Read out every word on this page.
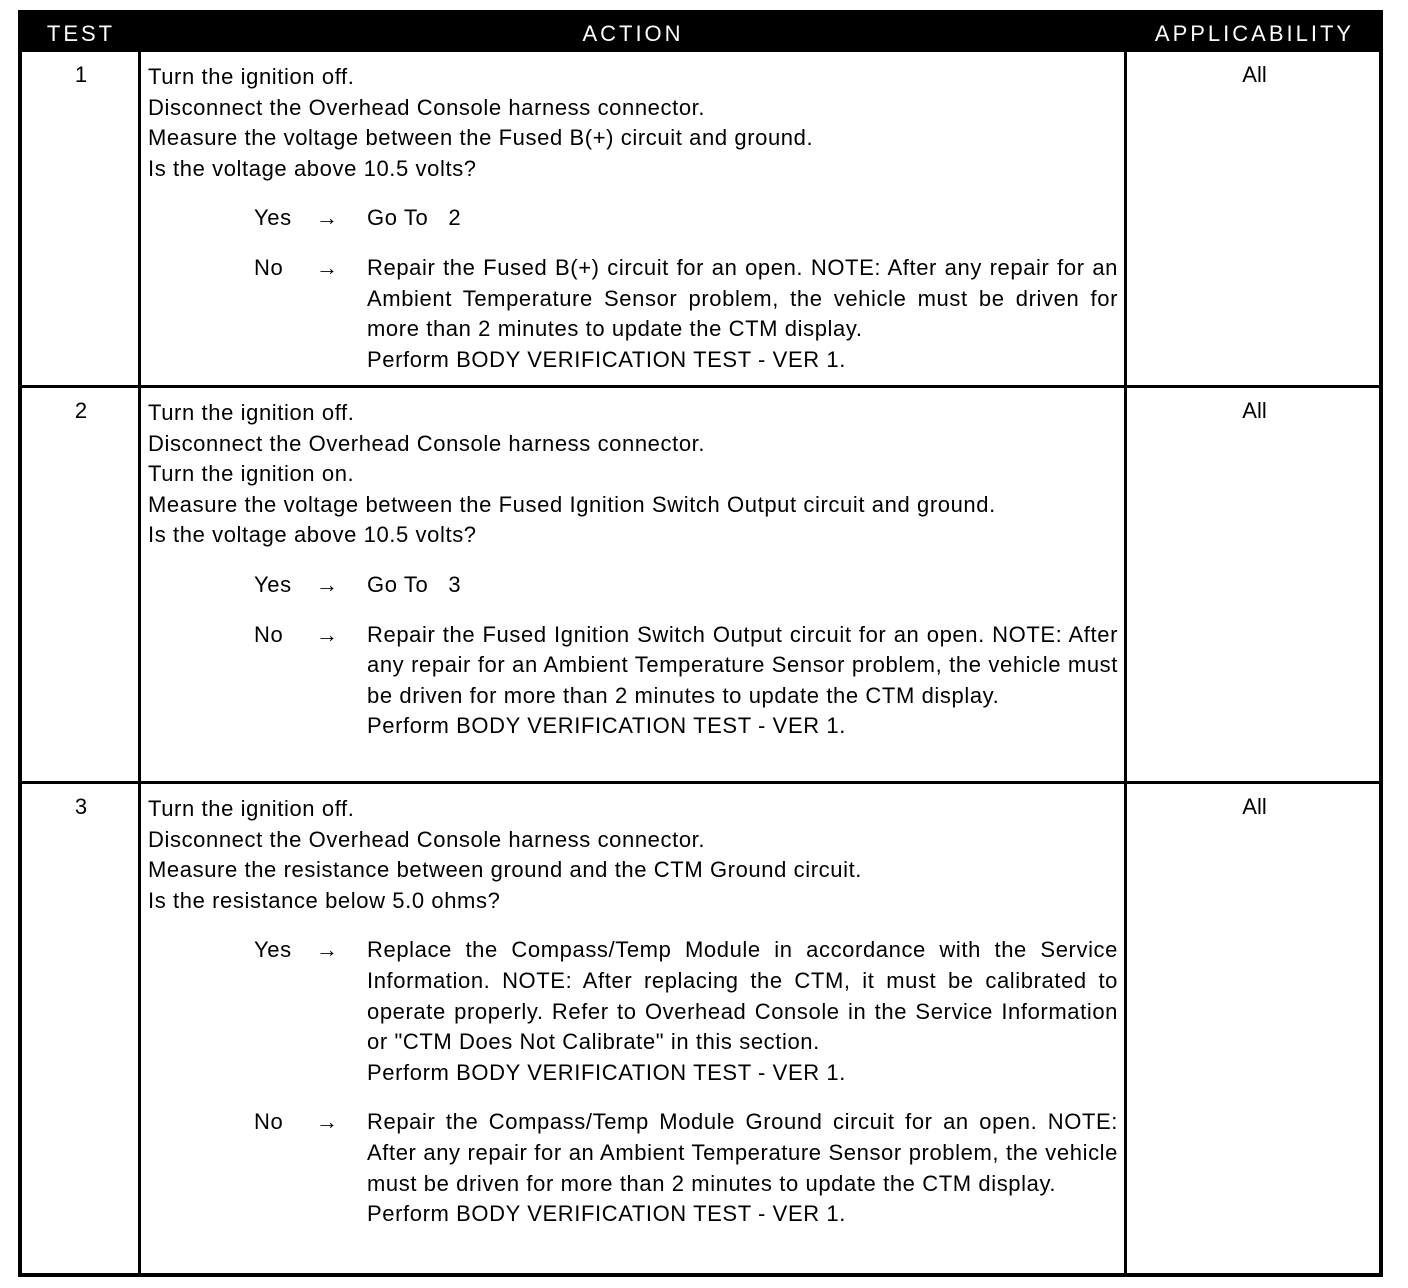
TEST	ACTION	APPLICABILITY
1	Turn the ignition off.
Disconnect the Overhead Console harness connector.
Measure the voltage between the Fused B(+) circuit and ground.
Is the voltage above 10.5 volts?
Yes	→	Go To   2
No	→	Repair the Fused B(+) circuit for an open. NOTE: After any repair for an Ambient Temperature Sensor problem, the vehicle must be driven for more than 2 minutes to update the CTM display.
Perform BODY VERIFICATION TEST - VER 1.
All
2	Turn the ignition off.
Disconnect the Overhead Console harness connector.
Turn the ignition on.
Measure the voltage between the Fused Ignition Switch Output circuit and ground.
Is the voltage above 10.5 volts?
Yes	→	Go To   3
No	→	Repair the Fused Ignition Switch Output circuit for an open. NOTE: After any repair for an Ambient Temperature Sensor problem, the vehicle must be driven for more than 2 minutes to update the CTM display.
Perform BODY VERIFICATION TEST - VER 1.
All
3	Turn the ignition off.
Disconnect the Overhead Console harness connector.
Measure the resistance between ground and the CTM Ground circuit.
Is the resistance below 5.0 ohms?
Yes	→	Replace the Compass/Temp Module in accordance with the Service Information. NOTE: After replacing the CTM, it must be calibrated to operate properly. Refer to Overhead Console in the Service Information or "CTM Does Not Calibrate" in this section.
Perform BODY VERIFICATION TEST - VER 1.
No	→	Repair the Compass/Temp Module Ground circuit for an open. NOTE: After any repair for an Ambient Temperature Sensor problem, the vehicle must be driven for more than 2 minutes to update the CTM display.
Perform BODY VERIFICATION TEST - VER 1.
All
